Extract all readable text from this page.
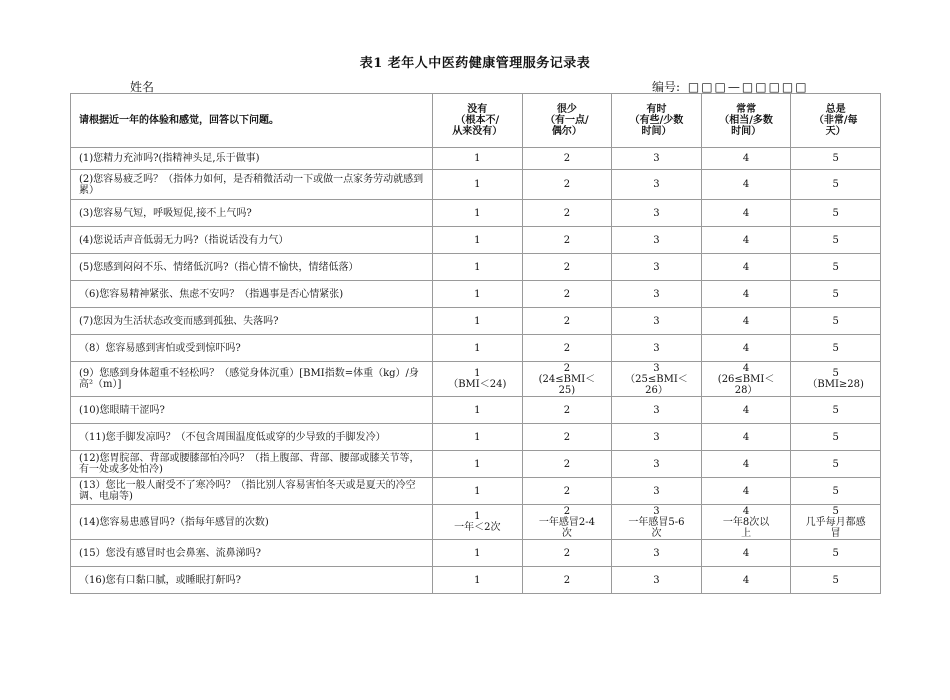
表1 老年人中医药健康管理服务记录表
姓名	编号: □□□—□□□□□
请根据近一年的体验和感觉，回答以下问题。	没有
（根本不/
从来没有）	很少
（有一点/
偶尔）	有时
（有些/少数
时间）	常常
（相当/多数
时间）	总是
（非常/每
天）
(1)您精力充沛吗?(指精神头足,乐于做事)	1	2	3	4	5
(2)您容易疲乏吗？（指体力如何，是否稍微活动一下或做一点家务劳动就感到累）	1	2	3	4	5
(3)您容易气短，呼吸短促,接不上气吗?	1	2	3	4	5
(4)您说话声音低弱无力吗?（指说话没有力气）	1	2	3	4	5
(5)您感到闷闷不乐、情绪低沉吗?（指心情不愉快，情绪低落）	1	2	3	4	5
（6)您容易精神紧张、焦虑不安吗？（指遇事是否心情紧张)	1	2	3	4	5
(7)您因为生活状态改变而感到孤独、失落吗?	1	2	3	4	5
（8）您容易感到害怕或受到惊吓吗?	1	2	3	4	5
(9）您感到身体超重不轻松吗？（感觉身体沉重）[BMI指数=体重（kg）/身高²（m）]	1
（BMI＜24)	2
(24≤BMI＜
25)	3
（25≤BMI＜
26）	4
(26≤BMI＜
28）	5
（BMI≥28)
(10)您眼睛干涩吗?	1	2	3	4	5
（11)您手脚发凉吗？（不包含周围温度低或穿的少导致的手脚发冷）	1	2	3	4	5
(12)您胃脘部、背部或腰膝部怕冷吗？（指上腹部、背部、腰部或膝关节等，有一处或多处怕冷)	1	2	3	4	5
(13）您比一般人耐受不了寒冷吗？（指比别人容易害怕冬天或是夏天的冷空调、电扇等)	1	2	3	4	5
(14)您容易患感冒吗?（指每年感冒的次数)	1
一年＜2次	2
一年感冒2-4
次	3
一年感冒5-6
次	4
一年8次以
上	5
几乎每月都感
冒
(15）您没有感冒时也会鼻塞、流鼻涕吗?	1	2	3	4	5
（16)您有口黏口腻，或睡眠打鼾吗?	1	2	3	4	5
